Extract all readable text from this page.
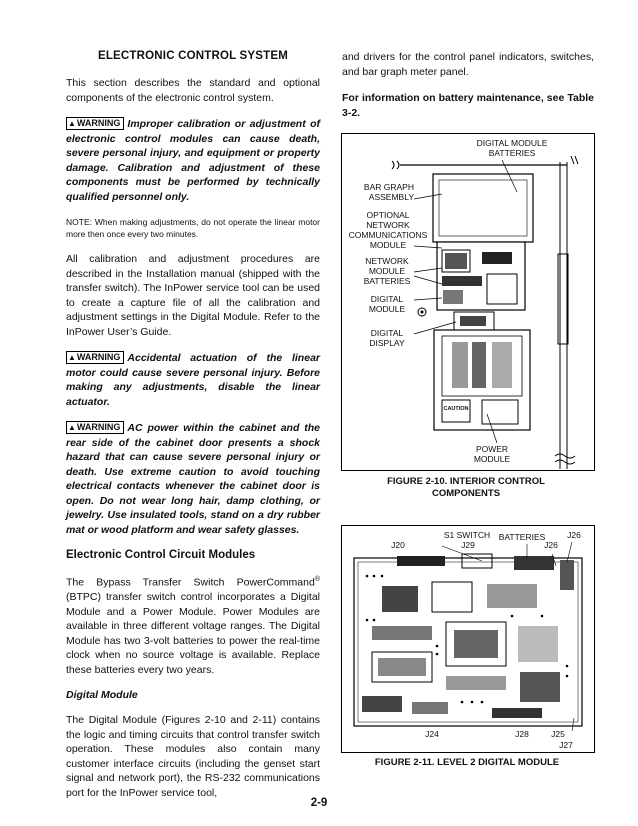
ELECTRONIC CONTROL SYSTEM

This section describes the standard and optional components of the electronic control system.

▲WARNING Improper calibration or adjustment of electronic control modules can cause death, severe personal injury, and equipment or property damage. Calibration and adjustment of these components must be performed by technically qualified personnel only.

NOTE: When making adjustments, do not operate the linear motor more then once every two minutes.

All calibration and adjustment procedures are described in the Installation manual (shipped with the transfer switch). The InPower service tool can be used to create a capture file of all the calibration and adjustment settings in the Digital Module. Refer to the InPower User’s Guide.

▲WARNING Accidental actuation of the linear motor could cause severe personal injury. Before making any adjustments, disable the linear actuator.

▲WARNING AC power within the cabinet and the rear side of the cabinet door presents a shock hazard that can cause severe personal injury or death. Use extreme caution to avoid touching electrical contacts whenever the cabinet door is open. Do not wear long hair, damp clothing, or jewelry. Use insulated tools, stand on a dry rubber mat or wood platform and wear safety glasses.

Electronic Control Circuit Modules

The Bypass Transfer Switch PowerCommand® (BTPC) transfer switch control incorporates a Digital Module and a Power Module. Power Modules are available in three different voltage ranges. The Digital Module has two 3-volt batteries to power the real-time clock when no source voltage is available. Replace these batteries every two years.

Digital Module

The Digital Module (Figures 2-10 and 2-11) contains the logic and timing circuits that control transfer switch operation. These modules also contain many customer interface circuits (including the genset start signal and network port), the RS-232 communications port for the InPower service tool,

and drivers for the control panel indicators, switches, and bar graph meter panel.

For information on battery maintenance, see Table 3-2.

DIGITAL MODULE
BATTERIES
BAR GRAPH
ASSEMBLY
OPTIONAL
NETWORK
COMMUNICATIONS
MODULE
NETWORK
MODULE
BATTERIES
DIGITAL
MODULE
DIGITAL
DISPLAY
CAUTION
POWER
MODULE
FIGURE 2-10. INTERIOR CONTROL COMPONENTS
S1 SWITCH	BATTERIES	J26
J20	J29	J26
J24	J28	J25
J27
FIGURE 2-11. LEVEL 2 DIGITAL MODULE
2-9
